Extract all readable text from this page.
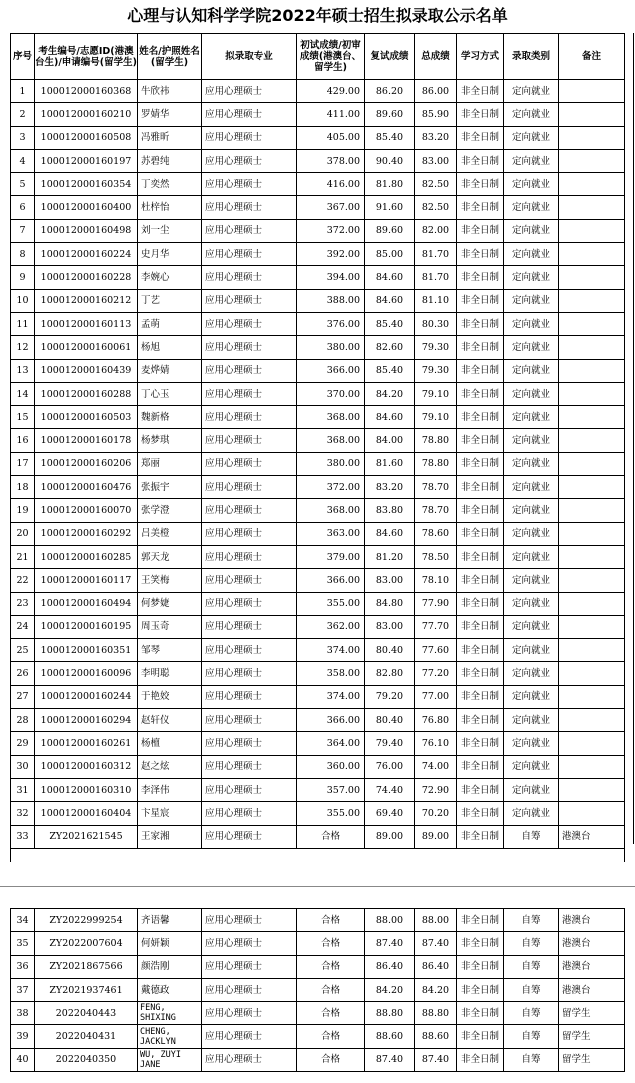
心理与认知科学学院2022年硕士招生拟录取公示名单
序号	考生编号/志愿ID(港澳台生)/申请编号(留学生)	姓名/护照姓名(留学生)	拟录取专业	初试成绩/初审成绩(港澳台、留学生)	复试成绩	总成绩	学习方式	录取类别	备注
1	100012000160368	牛欣祎	应用心理硕士	429.00	86.20	86.00	非全日制	定向就业	
2	100012000160210	罗婧华	应用心理硕士	411.00	89.60	85.90	非全日制	定向就业	
3	100012000160508	冯雅昕	应用心理硕士	405.00	85.40	83.20	非全日制	定向就业	
4	100012000160197	苏碧纯	应用心理硕士	378.00	90.40	83.00	非全日制	定向就业	
5	100012000160354	丁奕然	应用心理硕士	416.00	81.80	82.50	非全日制	定向就业	
6	100012000160400	杜梓怡	应用心理硕士	367.00	91.60	82.50	非全日制	定向就业	
7	100012000160498	刘一尘	应用心理硕士	372.00	89.60	82.00	非全日制	定向就业	
8	100012000160224	史月华	应用心理硕士	392.00	85.00	81.70	非全日制	定向就业	
9	100012000160228	李婉心	应用心理硕士	394.00	84.60	81.70	非全日制	定向就业	
10	100012000160212	丁艺	应用心理硕士	388.00	84.60	81.10	非全日制	定向就业	
11	100012000160113	孟萌	应用心理硕士	376.00	85.40	80.30	非全日制	定向就业	
12	100012000160061	杨旭	应用心理硕士	380.00	82.60	79.30	非全日制	定向就业	
13	100012000160439	麦烨婧	应用心理硕士	366.00	85.40	79.30	非全日制	定向就业	
14	100012000160288	丁心玉	应用心理硕士	370.00	84.20	79.10	非全日制	定向就业	
15	100012000160503	魏新格	应用心理硕士	368.00	84.60	79.10	非全日制	定向就业	
16	100012000160178	杨梦琪	应用心理硕士	368.00	84.00	78.80	非全日制	定向就业	
17	100012000160206	郑丽	应用心理硕士	380.00	81.60	78.80	非全日制	定向就业	
18	100012000160476	张振宇	应用心理硕士	372.00	83.20	78.70	非全日制	定向就业	
19	100012000160070	张学澄	应用心理硕士	368.00	83.80	78.70	非全日制	定向就业	
20	100012000160292	吕美橙	应用心理硕士	363.00	84.60	78.60	非全日制	定向就业	
21	100012000160285	郭天龙	应用心理硕士	379.00	81.20	78.50	非全日制	定向就业	
22	100012000160117	王笑梅	应用心理硕士	366.00	83.00	78.10	非全日制	定向就业	
23	100012000160494	何梦婕	应用心理硕士	355.00	84.80	77.90	非全日制	定向就业	
24	100012000160195	周玉奇	应用心理硕士	362.00	83.00	77.70	非全日制	定向就业	
25	100012000160351	邹琴	应用心理硕士	374.00	80.40	77.60	非全日制	定向就业	
26	100012000160096	李明聪	应用心理硕士	358.00	82.80	77.20	非全日制	定向就业	
27	100012000160244	于艳姣	应用心理硕士	374.00	79.20	77.00	非全日制	定向就业	
28	100012000160294	赵轩仪	应用心理硕士	366.00	80.40	76.80	非全日制	定向就业	
29	100012000160261	杨檀	应用心理硕士	364.00	79.40	76.10	非全日制	定向就业	
30	100012000160312	赵之炫	应用心理硕士	360.00	76.00	74.00	非全日制	定向就业	
31	100012000160310	李泽伟	应用心理硕士	357.00	74.40	72.90	非全日制	定向就业	
32	100012000160404	卞星宸	应用心理硕士	355.00	69.40	70.20	非全日制	定向就业	
33	ZY2021621545	王家湘	应用心理硕士	合格	89.00	89.00	非全日制	自筹	港澳台

34	ZY2022999254	齐语馨	应用心理硕士	合格	88.00	88.00	非全日制	自筹	港澳台
35	ZY2022007604	何妍颖	应用心理硕士	合格	87.40	87.40	非全日制	自筹	港澳台
36	ZY2021867566	颜浩刚	应用心理硕士	合格	86.40	86.40	非全日制	自筹	港澳台
37	ZY2021937461	戴德政	应用心理硕士	合格	84.20	84.20	非全日制	自筹	港澳台
38	2022040443	FENG, SHIXING	应用心理硕士	合格	88.80	88.80	非全日制	自筹	留学生
39	2022040431	CHENG, JACKLYN	应用心理硕士	合格	88.60	88.60	非全日制	自筹	留学生
40	2022040350	WU, ZUYI JANE	应用心理硕士	合格	87.40	87.40	非全日制	自筹	留学生
